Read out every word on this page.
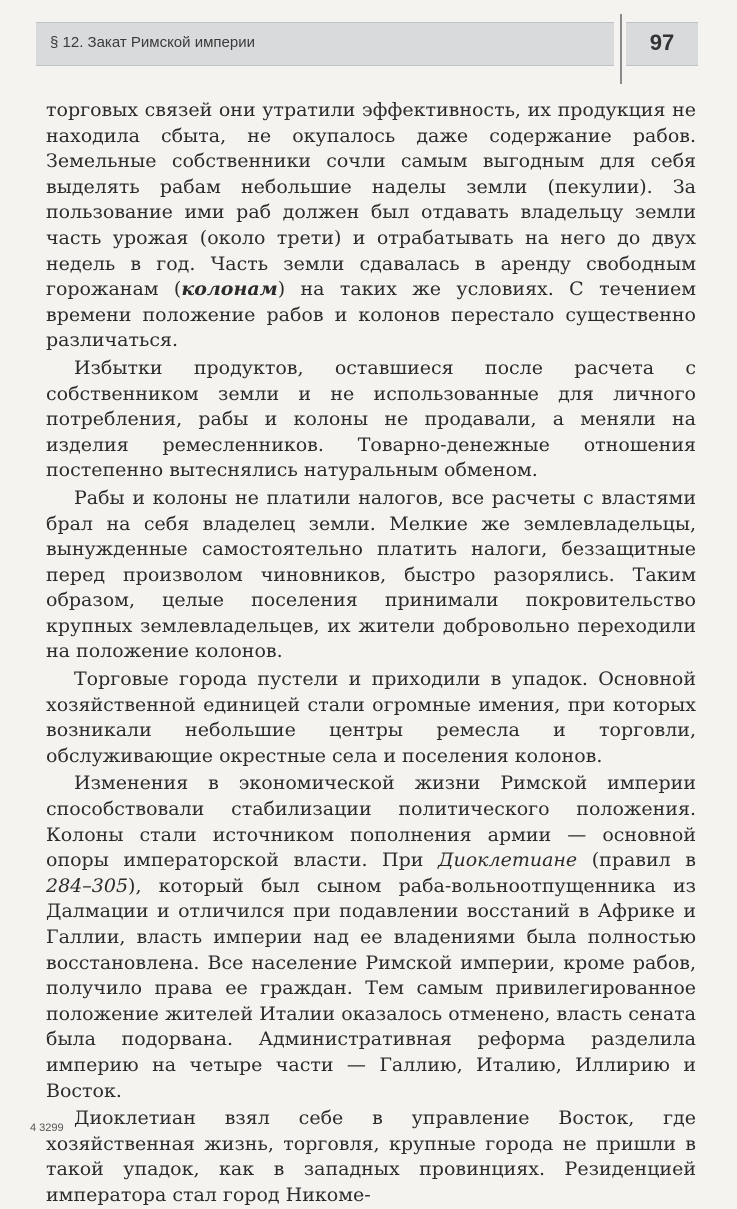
§ 12. Закат Римской империи	97

торговых связей они утратили эффективность, их продукция не находила сбыта, не окупалось даже содержание рабов. Земельные собственники сочли самым выгодным для себя выделять рабам небольшие наделы земли (пекулии). За пользование ими раб должен был отдавать владельцу земли часть урожая (около трети) и отрабатывать на него до двух недель в год. Часть земли сдавалась в аренду свободным горожанам (колонам) на таких же условиях. С течением времени положение рабов и колонов перестало существенно различаться.

Избытки продуктов, оставшиеся после расчета с собственником земли и не использованные для личного потребления, рабы и колоны не продавали, а меняли на изделия ремесленников. Товарно-денежные отношения постепенно вытеснялись натуральным обменом.

Рабы и колоны не платили налогов, все расчеты с властями брал на себя владелец земли. Мелкие же землевладельцы, вынужденные самостоятельно платить налоги, беззащитные перед произволом чиновников, быстро разорялись. Таким образом, целые поселения принимали покровительство крупных землевладельцев, их жители добровольно переходили на положение колонов.

Торговые города пустели и приходили в упадок. Основной хозяйственной единицей стали огромные имения, при которых возникали небольшие центры ремесла и торговли, обслуживающие окрестные села и поселения колонов.

Изменения в экономической жизни Римской империи способствовали стабилизации политического положения. Колоны стали источником пополнения армии — основной опоры императорской власти. При Диоклетиане (правил в 284–305), который был сыном раба-вольноотпущенника из Далмации и отличился при подавлении восстаний в Африке и Галлии, власть империи над ее владениями была полностью восстановлена. Все население Римской империи, кроме рабов, получило права ее граждан. Тем самым привилегированное положение жителей Италии оказалось отменено, власть сената была подорвана. Административная реформа разделила империю на четыре части — Галлию, Италию, Иллирию и Восток.

Диоклетиан взял себе в управление Восток, где хозяйственная жизнь, торговля, крупные города не пришли в такой упадок, как в западных провинциях. Резиденцией императора стал город Никоме-

4 3299
